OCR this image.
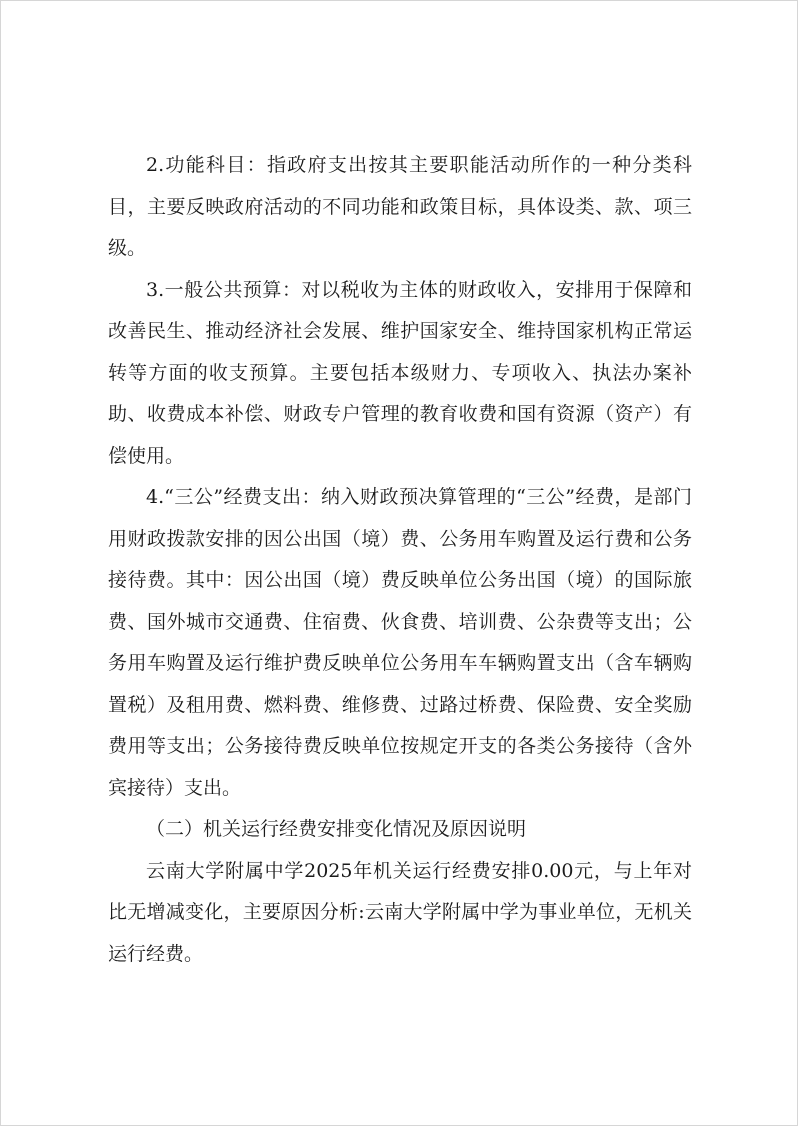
2.功能科目：指政府支出按其主要职能活动所作的一种分类科目，主要反映政府活动的不同功能和政策目标，具体设类、款、项三级。

3.一般公共预算：对以税收为主体的财政收入，安排用于保障和改善民生、推动经济社会发展、维护国家安全、维持国家机构正常运转等方面的收支预算。主要包括本级财力、专项收入、执法办案补助、收费成本补偿、财政专户管理的教育收费和国有资源（资产）有偿使用。

4.“三公”经费支出：纳入财政预决算管理的“三公”经费，是部门用财政拨款安排的因公出国（境）费、公务用车购置及运行费和公务接待费。其中：因公出国（境）费反映单位公务出国（境）的国际旅费、国外城市交通费、住宿费、伙食费、培训费、公杂费等支出；公务用车购置及运行维护费反映单位公务用车车辆购置支出（含车辆购置税）及租用费、燃料费、维修费、过路过桥费、保险费、安全奖励费用等支出；公务接待费反映单位按规定开支的各类公务接待（含外宾接待）支出。

（二）机关运行经费安排变化情况及原因说明

云南大学附属中学2025年机关运行经费安排0.00元，与上年对比无增减变化，主要原因分析:云南大学附属中学为事业单位，无机关运行经费。
